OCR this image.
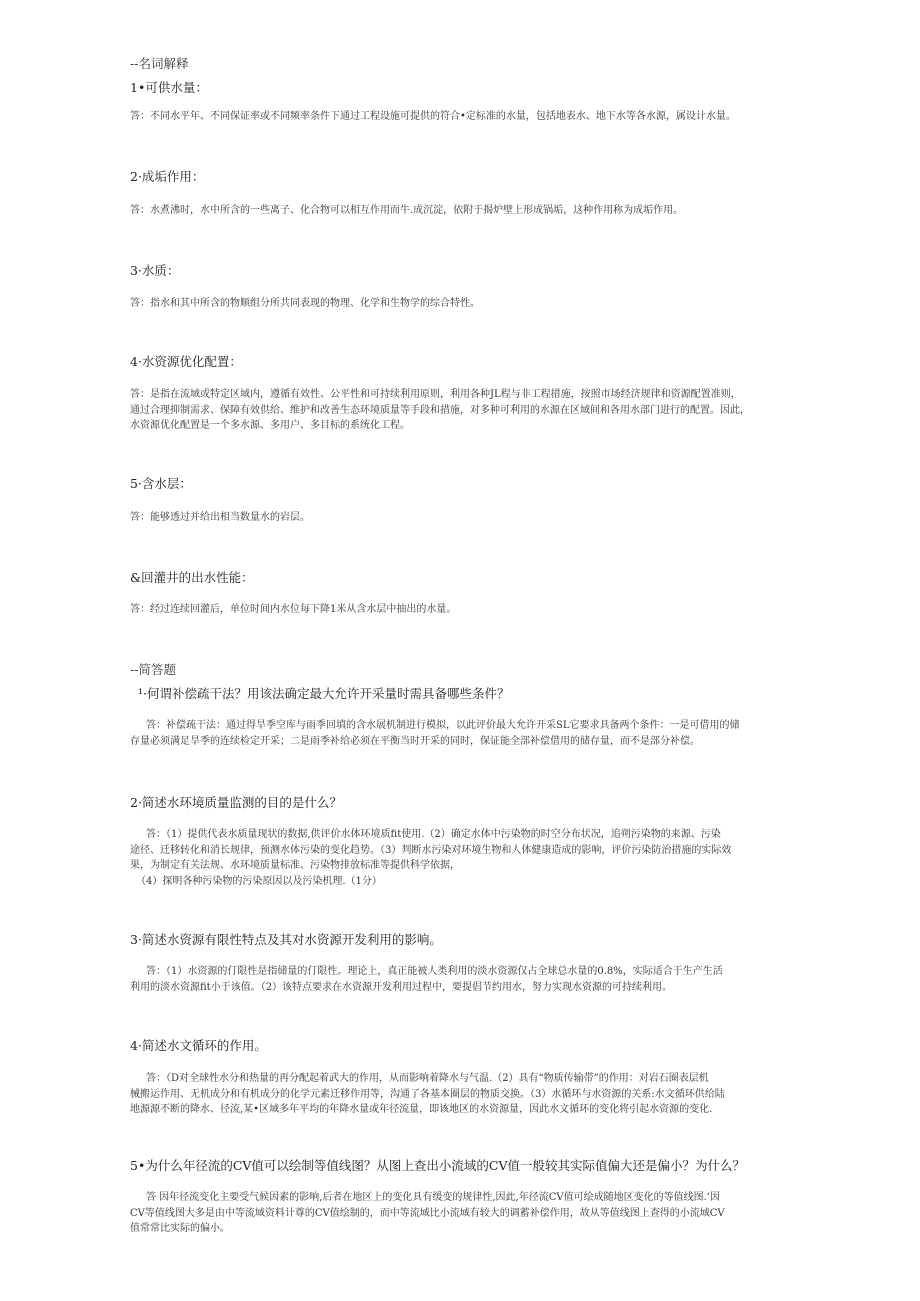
--名词解释
1•可供水量：
答：不同水平年、不同保证率或不同频率条件下通过工程设施可提供的符合•定标准的水量，包括地表水、地下水等各水源，属设计水量。
2·成垢作用：
答：水煮沸时，水中所含的一些离子、化合物可以相互作用而牛.成沉淀，依附于揭炉壁上形成锅垢，这种作用称为成垢作用。
3·水质：
答：指水和其中所含的物顺组分所共同表现的物理、化学和生物学的综合特性。
4·水资源优化配置：
答：是指在流域或特定区域内，遵循有效性、公平性和可持续利用原则，利用各种JL程与非工程措施，按照市场经济规律和资源配置准则，
通过合理抑制需求、保障有效供给、维护和改善生态环境质量等手段和措施，对多种可利用的水源在区域间和各用水部门进行的配置。因此，
水资源优化配置是一个多水源、多用户、多目标的系统化工程。
5·含水层：
答：能够透过并给出相当数量水的岩层。
&回灌井的出水性能：
答：经过连续回灌后，单位时间内水位每下降1米从含水层中抽出的水量。
--简答题
¹·何谓补偿疏干法？用该法确定最大允许开采量时需具备哪些条件？
答：补偿疏干法：通过得旱季空库与雨季回填的含水展机制进行模拟，以此评价最大允许开采SL它要求具备两个条件：一是可借用的储
存量必须满足旱季的连续检定开采；二是雨季补给必须在平衡当时开采的同时，保证能全部补偿借用的储存量，而不是部分补偿。
2·简述水环境质量监测的目的是什么？
答：（1）提供代表水质量现状的数据,供评价水体环境质fit使用.（2）确定水体中污染物的时空分布状况，追朔污染物的来源、污染
途径、迁移转化和消长规律，预测水体污染的变化趋势。（3）判断水污染对环境生物和人体健康造成的影响，评价污染防治措施的实际效
果，为制定有关法规、水环境质量标准、污染物排放标准等提供科学依据，
（4）探明各种污染物的污染原因以及污染机理.（1分）
3·简述水资源有限性特点及其对水资源开发利用的影响。
答：（1）水资源的仃限性是指储量的仃限性。理论上，真正能被人类利用的淡水资源仅占全球总水量的0.8%，实际适合于生产生活
利用的淡水资源fit小于该值。（2）该特点要求在水资源开发利用过程中，要提倡节约用水，努力实现水资源的可持续利用。
4·简述水文循环的作用。
答：（D对全球性水分和热量的再分配起着武大的作用，从而影响着降水与气温.（2）具有“物质传输带”的作用：对岩石圈表层机
械搬运作用、无机成分和有机成分的化学元素迁移作用等，沟通了各基本圈层的物质交换。（3）水循环与水资源的关系:水文循环供给陆
地源源不断的降水、径流,某•区域多年平均的年降水量或年径流量，即该地区的水资源量，因此水文循环的变化将引起水资源的变化.
5•为什么年径流的CV值可以绘制等值线图？从图上查出小流域的CV值一般较其实际值偏大还是偏小？为什么？
答 因年径流变化主要受气候因素的影响,后者在地区上的变化具有缓变的规律性,因此,年径流CV值可绘成随地区变化的等值线图.‘因
CV等值线图大多是由中等流域资料计尊的CV值绘制的，而中等流域比小流域有较大的调蓄补偿作用，故从等值线图上查得的小流域CV
值常常比实际的偏小。
